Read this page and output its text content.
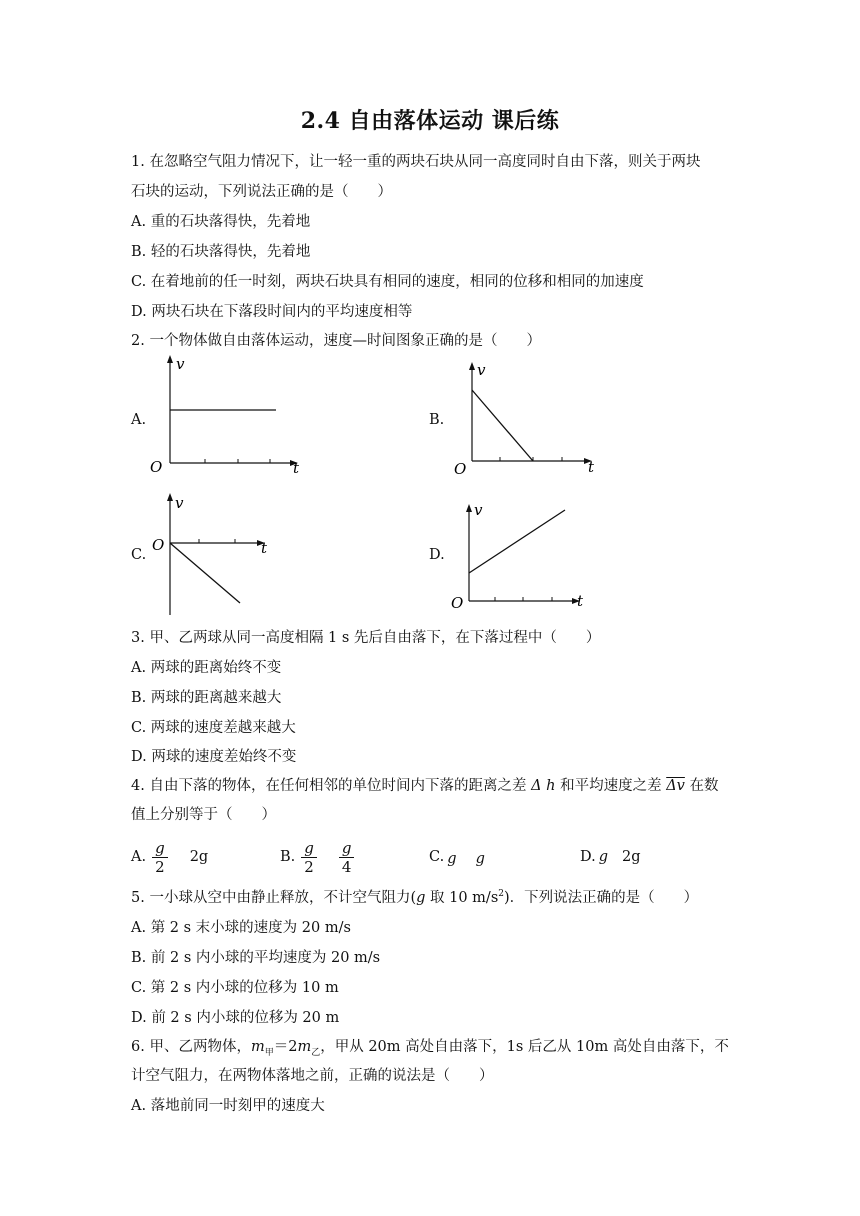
2.4 自由落体运动 课后练
1. 在忽略空气阻力情况下，让一轻一重的两块石块从同一高度同时自由下落，则关于两块
石块的运动，下列说法正确的是（　　）
A. 重的石块落得快，先着地
B. 轻的石块落得快，先着地
C. 在着地前的任一时刻，两块石块具有相同的速度，相同的位移和相同的加速度
D. 两块石块在下落段时间内的平均速度相等
2. 一个物体做自由落体运动，速度—时间图象正确的是（　　）
A.
v
O	t
B.
v
O	t
C.
v
O	t	D.
v
O	t
3. 甲、乙两球从同一高度相隔 1 s 先后自由落下，在下落过程中（　　）
A. 两球的距离始终不变
B. 两球的距离越来越大
C. 两球的速度差越来越大
D. 两球的速度差始终不变
4. 自由下落的物体，在任何相邻的单位时间内下落的距离之差 Δ h 和平均速度之差 $\overline{\Delta v}$ 在数
值上分别等于（　　）
A. $\frac{g}{2} 2g$	B. $\frac{g}{2} \frac{g}{4}$	C. g　 g	D. g 2g
5. 一小球从空中由静止释放，不计空气阻力(g 取 10 $m/s^2$)．下列说法正确的是（　　）
A. 第 2 s 末小球的速度为 20 m/s
B. 前 2 s 内小球的平均速度为 20 m/s
C. 第 2 s 内小球的位移为 10 m
D. 前 2 s 内小球的位移为 20 m
6. 甲、乙两物体，$m_甲=2m_乙$，甲从 20m 高处自由落下，1s 后乙从 10m 高处自由落下，不
计空气阻力，在两物体落地之前，正确的说法是（　　）
A. 落地前同一时刻甲的速度大
